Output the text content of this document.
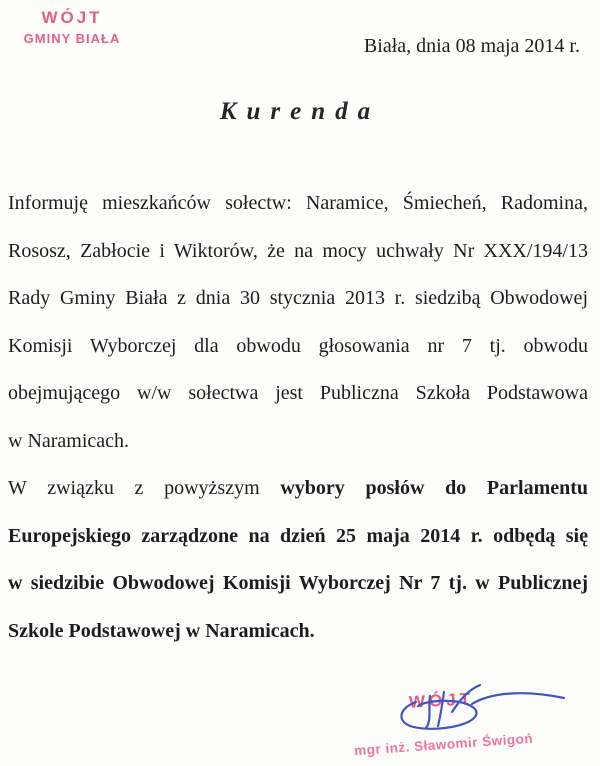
WÓJT
GMINY BIAŁA	Biała, dnia 08 maja 2014 r.
Kurenda
Informuję mieszkańców sołectw: Naramice, Śmiecheń, Radomina,
Rososz, Zabłocie i Wiktorów, że na mocy uchwały Nr XXX/194/13
Rady Gminy Biała z dnia 30 stycznia 2013 r. siedzibą Obwodowej
Komisji Wyborczej dla obwodu głosowania nr 7 tj. obwodu
obejmującego w/w sołectwa jest Publiczna Szkoła Podstawowa
w Naramicach.
W związku z powyższym wybory posłów do Parlamentu
Europejskiego zarządzone na dzień 25 maja 2014 r. odbędą się
w siedzibie Obwodowej Komisji Wyborczej Nr 7 tj. w Publicznej
Szkole Podstawowej w Naramicach.
WÓJT
mgr inż. Sławomir Świgoń
